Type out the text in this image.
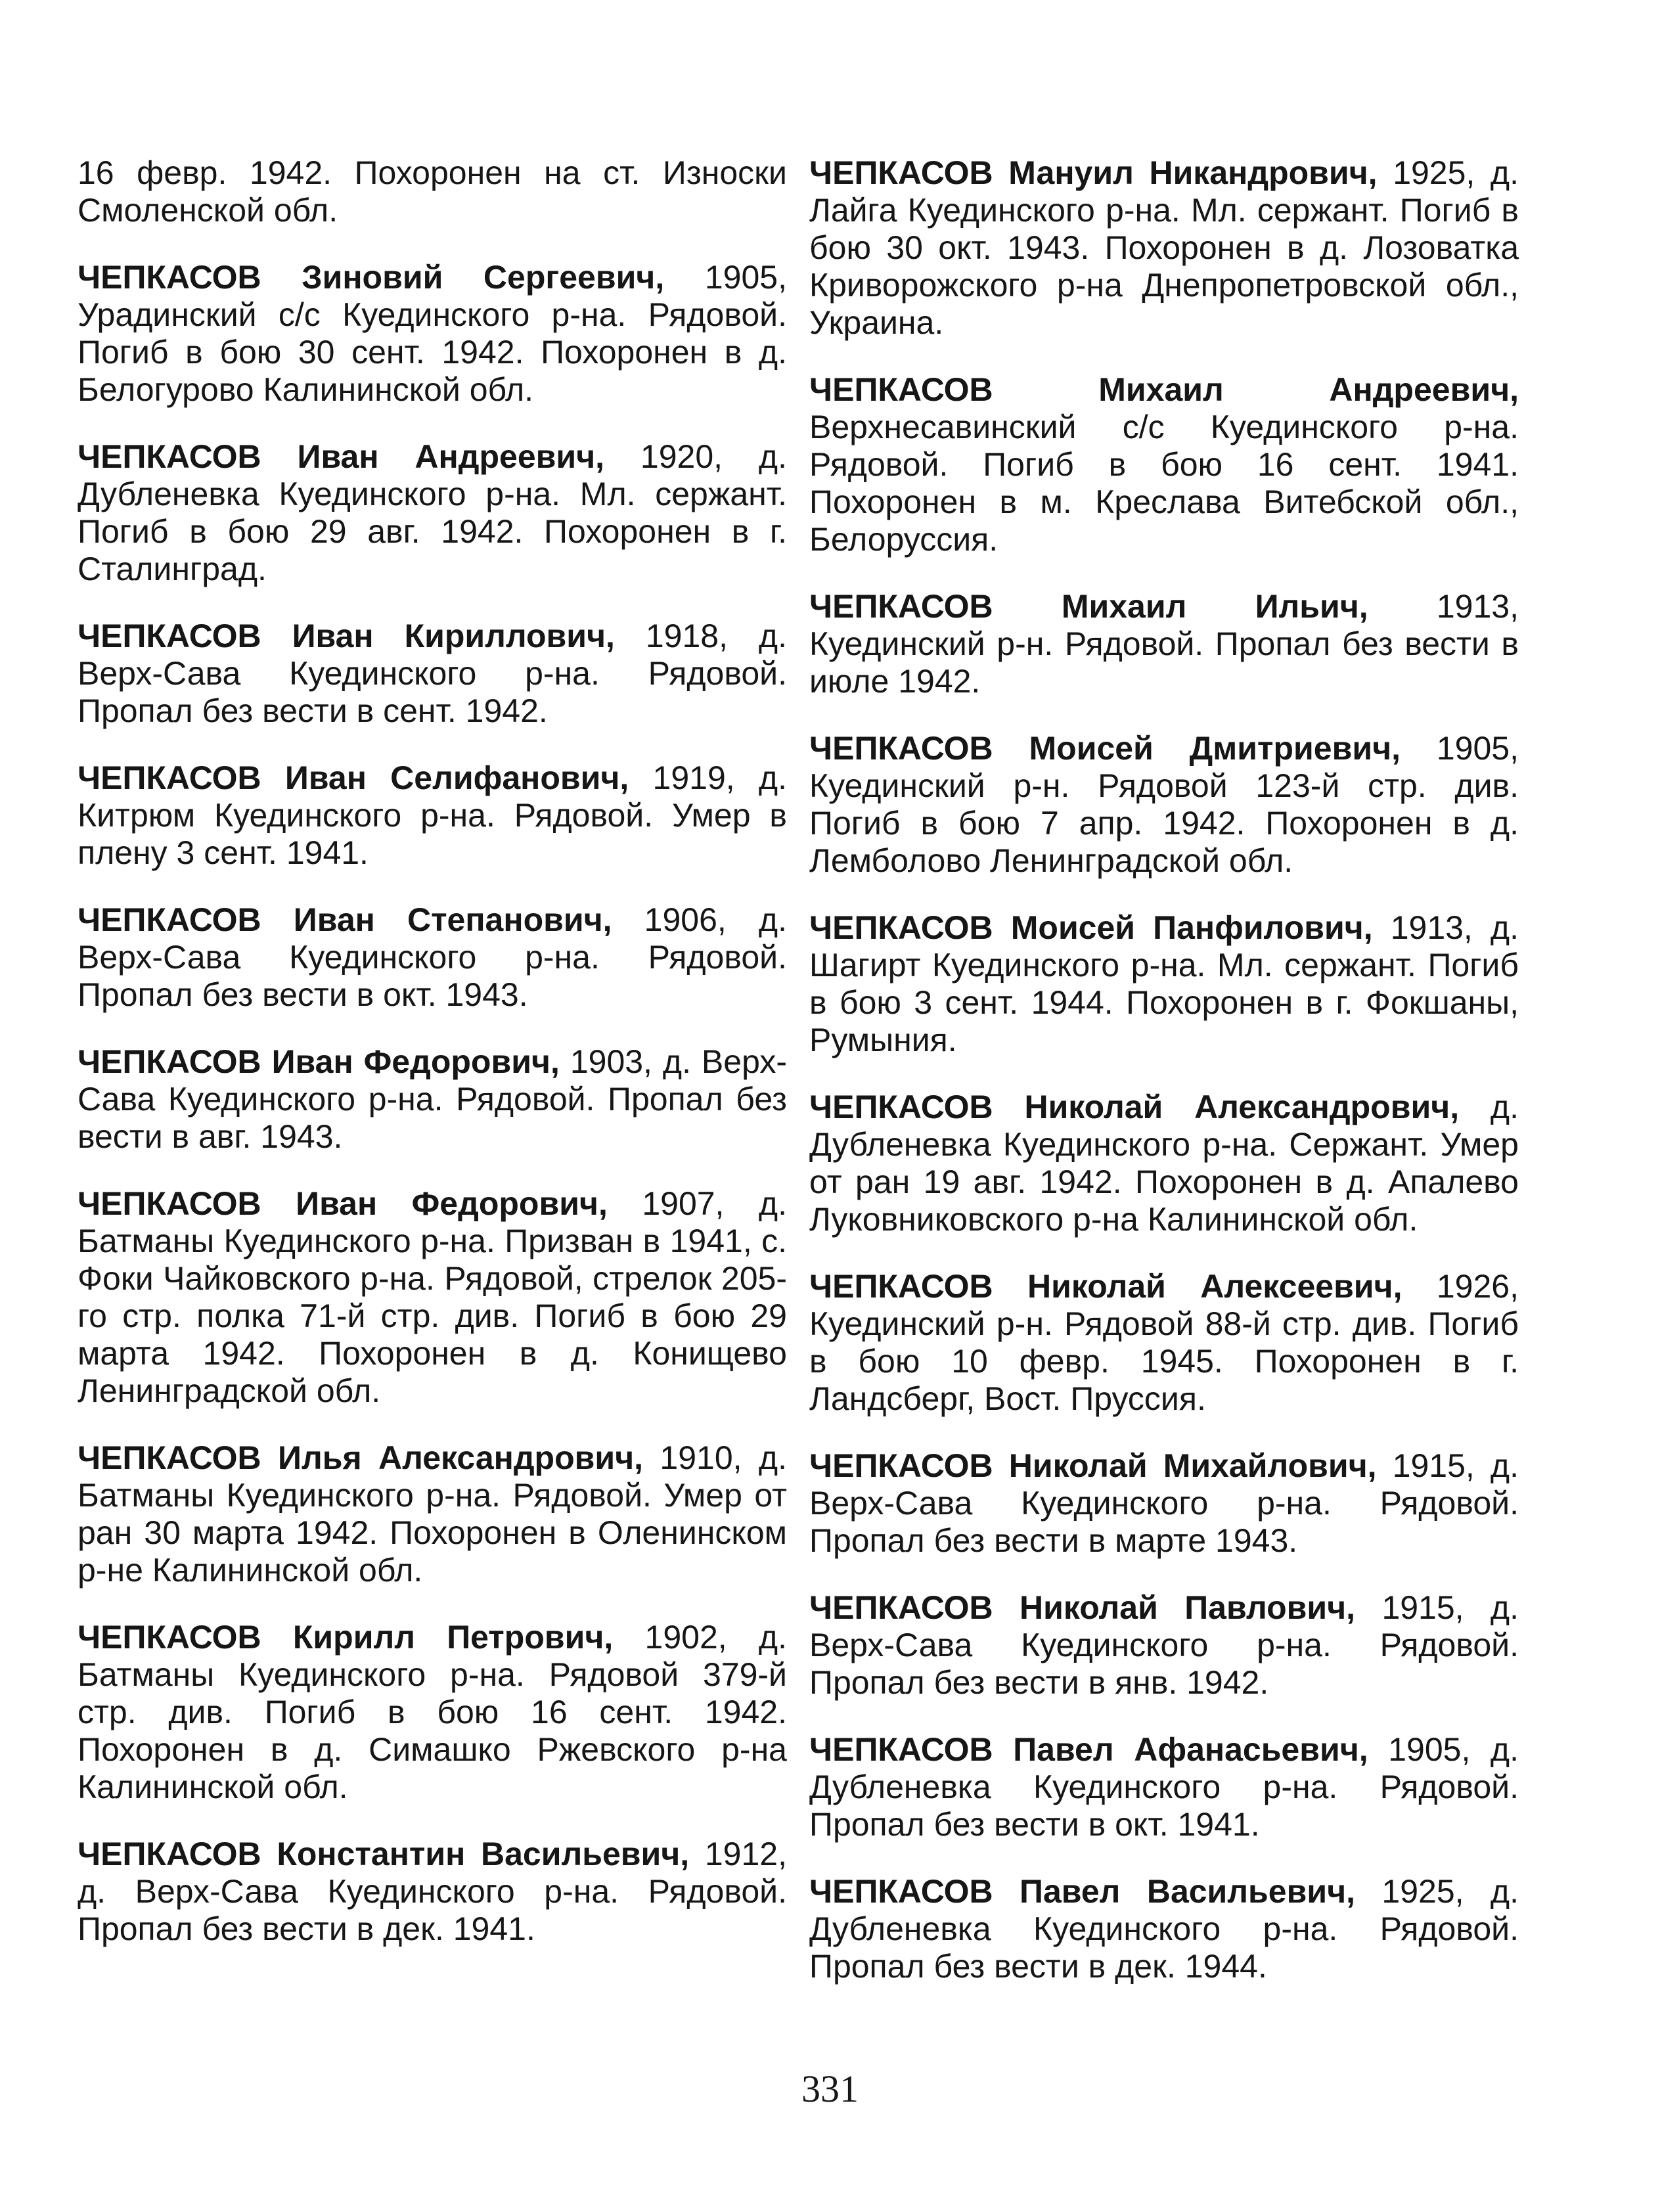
16 февр. 1942. Похоронен на ст. Износки Смоленской обл.

ЧЕПКАСОВ Зиновий Сергеевич, 1905, Урадинский с/с Куединского р-на. Рядовой. Погиб в бою 30 сент. 1942. Похоронен в д. Белогурово Калининской обл.

ЧЕПКАСОВ Иван Андреевич, 1920, д. Дубленевка Куединского р-на. Мл. сержант. Погиб в бою 29 авг. 1942. Похоронен в г. Сталинград.

ЧЕПКАСОВ Иван Кириллович, 1918, д. Верх-Сава Куединского р-на. Рядовой. Пропал без вести в сент. 1942.

ЧЕПКАСОВ Иван Селифанович, 1919, д. Китрюм Куединского р-на. Рядовой. Умер в плену 3 сент. 1941.

ЧЕПКАСОВ Иван Степанович, 1906, д. Верх-Сава Куединского р-на. Рядовой. Пропал без вести в окт. 1943.

ЧЕПКАСОВ Иван Федорович, 1903, д. Верх-Сава Куединского р-на. Рядовой. Пропал без вести в авг. 1943.

ЧЕПКАСОВ Иван Федорович, 1907, д. Батманы Куединского р-на. Призван в 1941, с. Фоки Чайковского р-на. Рядовой, стрелок 205-го стр. полка 71-й стр. див. Погиб в бою 29 марта 1942. Похоронен в д. Конищево Ленинградской обл.

ЧЕПКАСОВ Илья Александрович, 1910, д. Батманы Куединского р-на. Рядовой. Умер от ран 30 марта 1942. Похоронен в Оленинском р-не Калининской обл.

ЧЕПКАСОВ Кирилл Петрович, 1902, д. Батманы Куединского р-на. Рядовой 379-й стр. див. Погиб в бою 16 сент. 1942. Похоронен в д. Симашко Ржевского р-на Калининской обл.

ЧЕПКАСОВ Константин Васильевич, 1912, д. Верх-Сава Куединского р-на. Рядовой. Пропал без вести в дек. 1941.

ЧЕПКАСОВ Мануил Никандрович, 1925, д. Лайга Куединского р-на. Мл. сержант. Погиб в бою 30 окт. 1943. Похоронен в д. Лозоватка Криворожского р-на Днепропетровской обл., Украина.

ЧЕПКАСОВ Михаил Андреевич, Верхнесавинский с/с Куединского р-на. Рядовой. Погиб в бою 16 сент. 1941. Похоронен в м. Креслава Витебской обл., Белоруссия.

ЧЕПКАСОВ Михаил Ильич, 1913, Куединский р-н. Рядовой. Пропал без вести в июле 1942.

ЧЕПКАСОВ Моисей Дмитриевич, 1905, Куединский р-н. Рядовой 123-й стр. див. Погиб в бою 7 апр. 1942. Похоронен в д. Лемболово Ленинградской обл.

ЧЕПКАСОВ Моисей Панфилович, 1913, д. Шагирт Куединского р-на. Мл. сержант. Погиб в бою 3 сент. 1944. Похоронен в г. Фокшаны, Румыния.

ЧЕПКАСОВ Николай Александрович, д. Дубленевка Куединского р-на. Сержант. Умер от ран 19 авг. 1942. Похоронен в д. Апалево Луковниковского р-на Калининской обл.

ЧЕПКАСОВ Николай Алексеевич, 1926, Куединский р-н. Рядовой 88-й стр. див. Погиб в бою 10 февр. 1945. Похоронен в г. Ландсберг, Вост. Пруссия.

ЧЕПКАСОВ Николай Михайлович, 1915, д. Верх-Сава Куединского р-на. Рядовой. Пропал без вести в марте 1943.

ЧЕПКАСОВ Николай Павлович, 1915, д. Верх-Сава Куединского р-на. Рядовой. Пропал без вести в янв. 1942.

ЧЕПКАСОВ Павел Афанасьевич, 1905, д. Дубленевка Куединского р-на. Рядовой. Пропал без вести в окт. 1941.

ЧЕПКАСОВ Павел Васильевич, 1925, д. Дубленевка Куединского р-на. Рядовой. Пропал без вести в дек. 1944.

331
